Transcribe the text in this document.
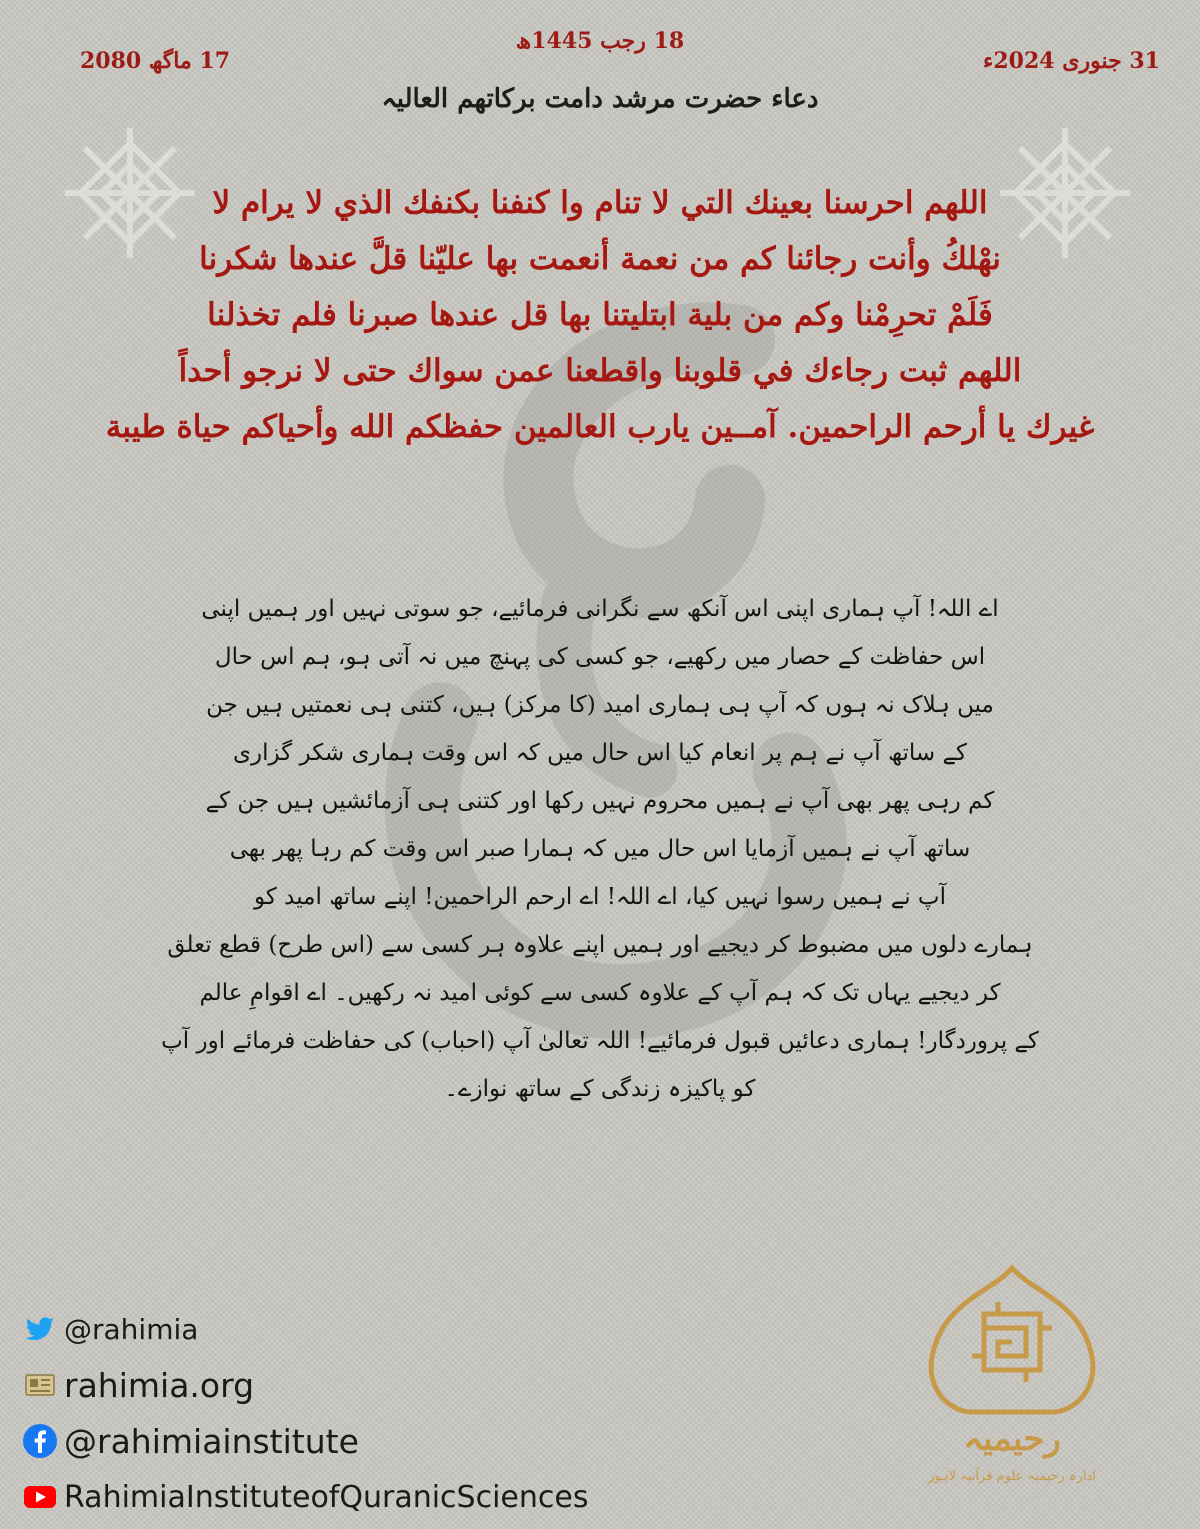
18 رجب 1445ھ
31 جنوری 2024ء
17 ماگھ 2080
دعاء حضرت مرشد دامت برکاتھم العالیہ
اللھم احرسنا بعینك التي لا تنام وا كنفنا بكنفك الذي لا یرام لا
نھْلكُ وأنت رجائنا كم من نعمة أنعمت بھا علیّنا قلَّ عندھا شكرنا
فَلَمْ تحرِمْنا وكم من بلیة ابتلیتنا بھا قل عندھا صبرنا فلم تخذلنا
اللھم ثبت رجاءك في قلوبنا واقطعنا عمن سواك حتى لا نرجو أحداً
غیرك یا أرحم الراحمین. آمــین یارب العالمین حفظكم الله وأحیاكم حیاة طیبة
اے اللہ! آپ ہماری اپنی اس آنکھ سے نگرانی فرمائیے، جو سوتی نہیں اور ہمیں اپنی
اس حفاظت کے حصار میں رکھیے، جو کسی کی پہنچ میں نہ آتی ہو، ہم اس حال
میں ہلاک نہ ہوں کہ آپ ہی ہماری امید (کا مرکز) ہیں، کتنی ہی نعمتیں ہیں جن
کے ساتھ آپ نے ہم پر انعام کیا اس حال میں کہ اس وقت ہماری شکر گزاری
کم رہی پھر بھی آپ نے ہمیں محروم نہیں رکھا اور کتنی ہی آزمائشیں ہیں جن کے
ساتھ آپ نے ہمیں آزمایا اس حال میں کہ ہمارا صبر اس وقت کم رہا پھر بھی
آپ نے ہمیں رسوا نہیں کیا، اے اللہ! اے ارحم الراحمین! اپنے ساتھ امید کو
ہمارے دلوں میں مضبوط کر دیجیے اور ہمیں اپنے علاوہ ہر کسی سے (اس طرح) قطع تعلق
کر دیجیے یہاں تک کہ ہم آپ کے علاوہ کسی سے کوئی امید نہ رکھیں۔ اے اقوامِ عالم
کے پروردگار! ہماری دعائیں قبول فرمائیے! اللہ تعالیٰ آپ (احباب) کی حفاظت فرمائے اور آپ
کو پاکیزہ زندگی کے ساتھ نوازے۔
@rahimia
rahimia.org
@rahimiainstitute
RahimiaInstituteofQuranicSciences
رحیمیہ
ادارہ رحیمیہ علوم قرآنیہ لاہور
